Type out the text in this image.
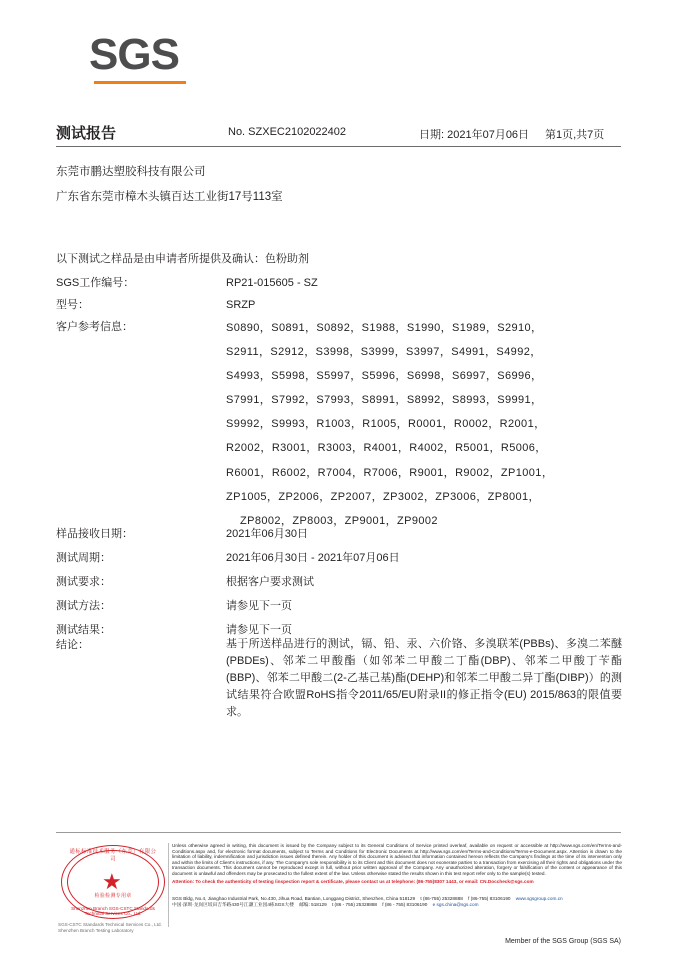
SGS
测试报告	No. SZXEC2102022402	日期: 2021年07月06日 第1页,共7页
东莞市鹏达塑胶科技有限公司
广东省东莞市樟木头镇百达工业街17号113室
以下测试之样品是由申请者所提供及确认：色粉助剂
SGS工作编号：	RP21-015605 - SZ
型号：	SRZP
客户参考信息：	S0890，S0891，S0892，S1988，S1990，S1989，S2910，
S2911，S2912，S3998，S3999，S3997，S4991，S4992，
S4993，S5998，S5997，S5996，S6998，S6997，S6996，
S7991，S7992，S7993，S8991，S8992，S8993，S9991，
S9992，S9993，R1003，R1005，R0001，R0002，R2001，
R2002，R3001，R3003，R4001，R4002，R5001，R5006，
R6001，R6002，R7004，R7006，R9001，R9002，ZP1001，
ZP1005，ZP2006，ZP2007，ZP3002，ZP3006，ZP8001，
ZP8002，ZP8003，ZP9001，ZP9002
样品接收日期：	2021年06月30日
测试周期：	2021年06月30日 - 2021年07月06日
测试要求：	根据客户要求测试
测试方法：	请参见下一页
测试结果：	请参见下一页
结论：	基于所送样品进行的测试，镉、铅、汞、六价铬、多溴联苯(PBBs)、多溴二苯醚(PBDEs)、邻苯二甲酸酯（如邻苯二甲酸二丁酯(DBP)、邻苯二甲酸丁苄酯(BBP)、邻苯二甲酸二(2-乙基己基)酯(DEHP)和邻苯二甲酸二异丁酯(DIBP)）的测试结果符合欧盟RoHS指令2011/65/EU附录II的修正指令(EU) 2015/863的限值要求。
通标标准技术服务（东莞）有限公司
★
检验检测专用章
Shenzhen Branch SGS-CSTC Standards Technical Services Co., Ltd.
SGS-CSTC Standards Technical Services Co., Ltd.
Shenzhen Branch Testing Laboratory
Unless otherwise agreed in writing, this document is issued by the Company subject to its General Conditions of Service printed overleaf, available on request or accessible at http://www.sgs.com/en/Terms-and-Conditions.aspx and, for electronic format documents, subject to Terms and Conditions for Electronic Documents at http://www.sgs.com/en/Terms-and-Conditions/Terms-e-Document.aspx. Attention is drawn to the limitation of liability, indemnification and jurisdiction issues defined therein. Any holder of this document is advised that information contained hereon reflects the Company's findings at the time of its intervention only and within the limits of Client's instructions, if any. The Company's sole responsibility is to its Client and this document does not exonerate parties to a transaction from exercising all their rights and obligations under the transaction documents. This document cannot be reproduced except in full, without prior written approval of the Company. Any unauthorized alteration, forgery or falsification of the content or appearance of this document is unlawful and offenders may be prosecuted to the fullest extent of the law. Unless otherwise stated the results shown in this test report refer only to the sample(s) tested.
Attention: To check the authenticity of testing /inspection report & certificate, please contact us at telephone: (86-755)8307 1443, or email: CN.Doccheck@sgs.com
SGS Bldg, No.4, Jianghao Industrial Park, No.430, Jihua Road, Bantian, Longgang District, Shenzhen, China 518129 t (86-755) 25328888 f (86-755) 83106190 www.sgsgroup.com.cn
中国·深圳·龙岗区坂田吉华路430号江灏工业园4栋SGS大楼 邮编: 518129 t (86 - 755) 25328888 f (86 - 755) 83106190 e sgs.china@sgs.com
Member of the SGS Group (SGS SA)
